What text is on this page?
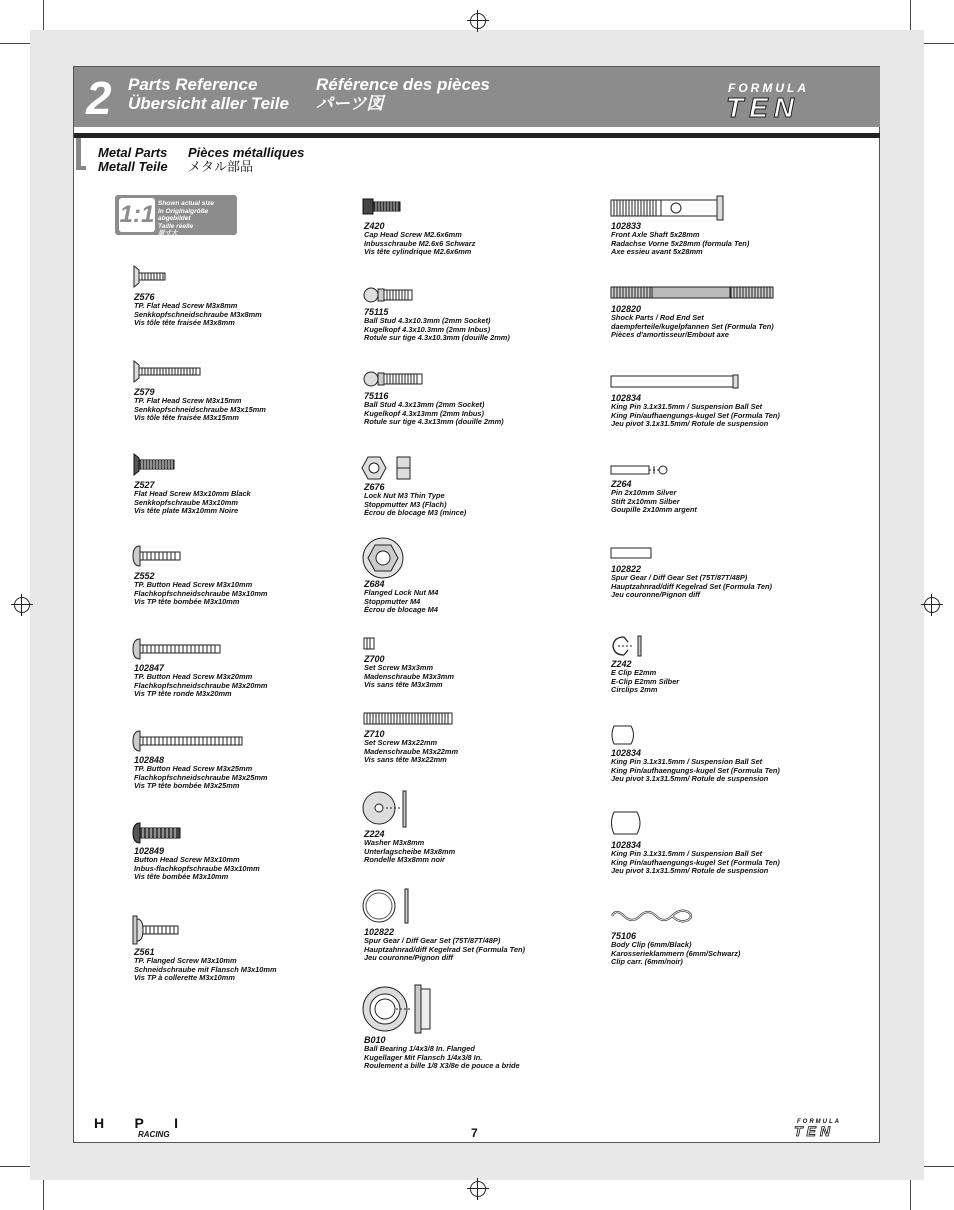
2 Parts Reference
Übersicht aller Teile
Référence des pièces
パーツ図
FORMULA
TEN
Metal Parts
Metall Teile
Pièces métalliques
メタル部品
1:1 Shown actual size
In Originalgröße abgebildet
Taille réelle
原寸大
Z576
TP. Flat Head Screw M3x8mm
Senkkopfschneidschraube M3x8mm
Vis tôle tête fraisée M3x8mm
Z579
TP. Flat Head Screw M3x15mm
Senkkopfschneidschraube M3x15mm
Vis tôle tête fraisée M3x15mm
Z527
Flat Head Screw M3x10mm Black
Senkkopfschraube M3x10mm
Vis tête plate M3x10mm Noire
Z552
TP. Button Head Screw M3x10mm
Flachkopfschneidschraube M3x10mm
Vis TP tête bombée M3x10mm
102847
TP. Button Head Screw M3x20mm
Flachkopfschneidschraube M3x20mm
Vis TP tête ronde M3x20mm
102848
TP. Button Head Screw M3x25mm
Flachkopfschneidschraube M3x25mm
Vis TP tête bombée M3x25mm
102849
Button Head Screw M3x10mm
Inbus-flachkopfschraube M3x10mm
Vis tête bombée M3x10mm
Z561
TP. Flanged Screw M3x10mm
Schneidschraube mit Flansch M3x10mm
Vis TP à collerette M3x10mm
Z420
Cap Head Screw M2.6x6mm
Inbusschraube M2.6x6 Schwarz
Vis tête cylindrique M2.6x6mm
75115
Ball Stud 4.3x10.3mm (2mm Socket)
Kugelkopf 4.3x10.3mm (2mm Inbus)
Rotule sur tige 4.3x10.3mm (douille 2mm)
75116
Ball Stud 4.3x13mm (2mm Socket)
Kugelkopf 4.3x13mm (2mm Inbus)
Rotule sur tige 4.3x13mm (douille 2mm)
Z676
Lock Nut M3 Thin Type
Stoppmutter M3 (Flach)
Écrou de blocage M3 (mince)
Z684
Flanged Lock Nut M4
Stoppmutter M4
Écrou de blocage M4
Z700
Set Screw M3x3mm
Madenschraube M3x3mm
Vis sans tête M3x3mm
Z710
Set Screw M3x22mm
Madenschraube M3x22mm
Vis sans tête M3x22mm
Z224
Washer M3x8mm
Unterlagscheibe M3x8mm
Rondelle M3x8mm noir
102822
Spur Gear / Diff Gear Set (75T/87T/48P)
Hauptzahnrad/diff Kegelrad Set (Formula Ten)
Jeu couronne/Pignon diff
B010
Ball Bearing 1/4x3/8 In. Flanged
Kugellager Mit Flansch 1/4x3/8 In.
Roulement a bille 1/8 X3/8e de pouce a bride
102833
Front Axle Shaft 5x28mm
Radachse Vorne 5x28mm (formula Ten)
Axe essieu avant 5x28mm
102820
Shock Parts / Rod End Set
daempferteile/kugelpfannen Set (Formula Ten)
Pièces d'amortisseur/Embout axe
102834
King Pin 3.1x31.5mm / Suspension Ball Set
King Pin/aufhaengungs-kugel Set (Formula Ten)
Jeu pivot 3.1x31.5mm/ Rotule de suspension
Z264
Pin 2x10mm Silver
Stift 2x10mm Silber
Goupille 2x10mm argent
102822
Spur Gear / Diff Gear Set (75T/87T/48P)
Hauptzahnrad/diff Kegelrad Set (Formula Ten)
Jeu couronne/Pignon diff
Z242
E Clip E2mm
E-Clip E2mm Silber
Circlips 2mm
102834
King Pin 3.1x31.5mm / Suspension Ball Set
King Pin/aufhaengungs-kugel Set (Formula Ten)
Jeu pivot 3.1x31.5mm/ Rotule de suspension
102834
King Pin 3.1x31.5mm / Suspension Ball Set
King Pin/aufhaengungs-kugel Set (Formula Ten)
Jeu pivot 3.1x31.5mm/ Rotule de suspension
75106
Body Clip (6mm/Black)
Karosserieklammern (6mm/Schwarz)
Clip carr. (6mm/noir)
HPI
RACING	7
FORMULA
TEN
